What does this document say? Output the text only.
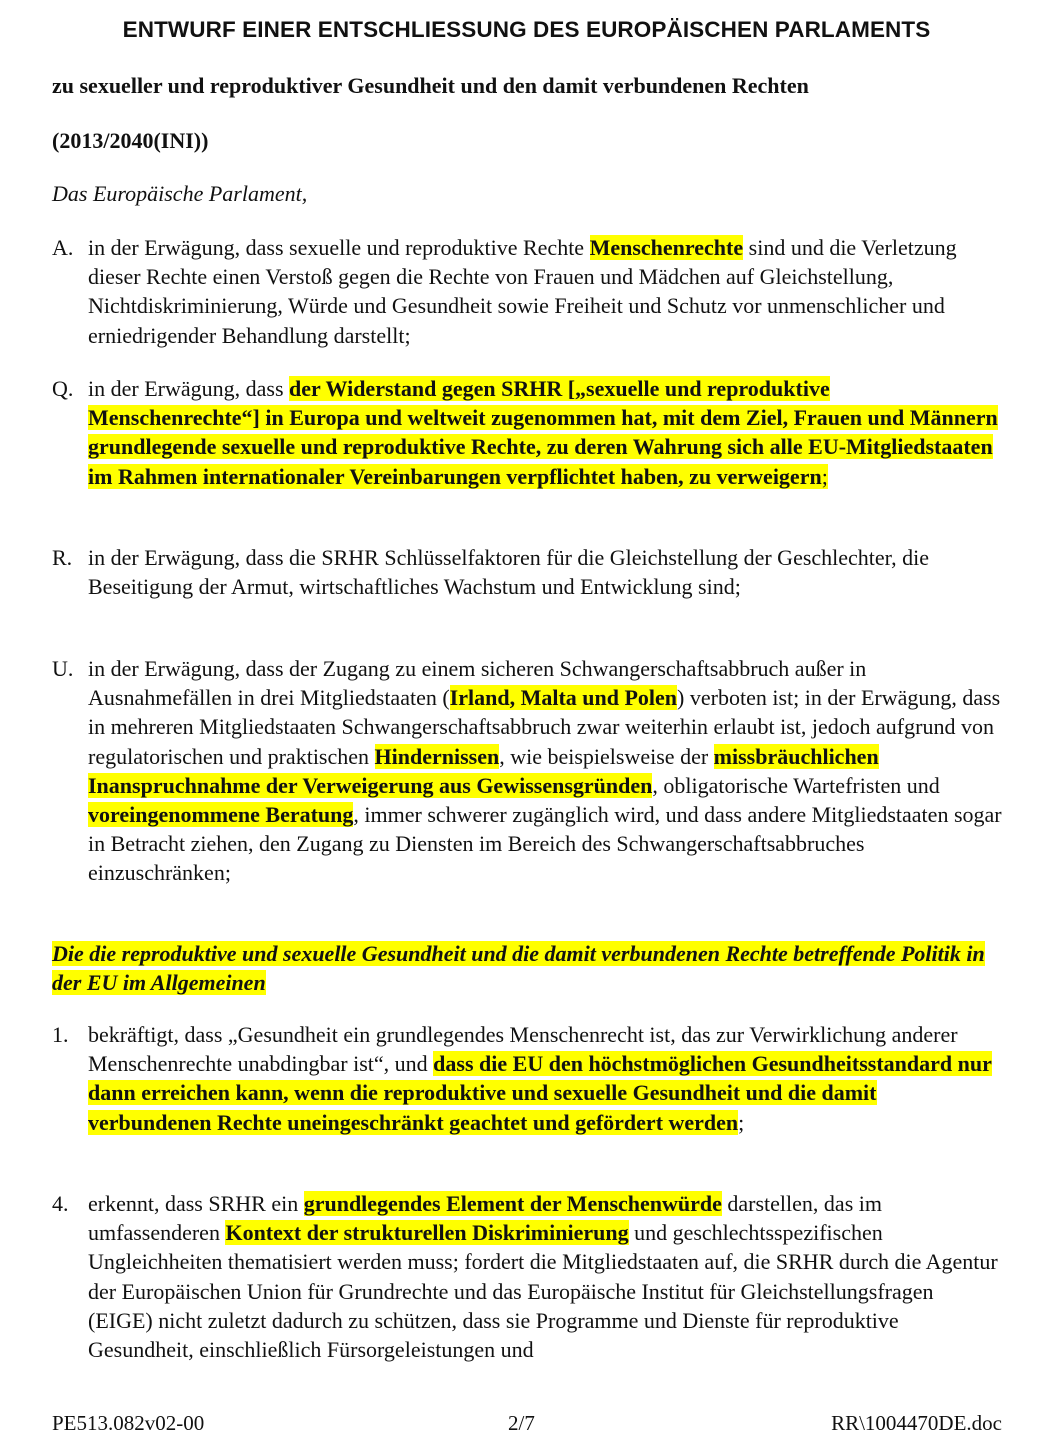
ENTWURF EINER ENTSCHLIESSUNG DES EUROPÄISCHEN PARLAMENTS

zu sexueller und reproduktiver Gesundheit und den damit verbundenen Rechten

(2013/2040(INI))

Das Europäische Parlament,

A. in der Erwägung, dass sexuelle und reproduktive Rechte Menschenrechte sind und die Verletzung dieser Rechte einen Verstoß gegen die Rechte von Frauen und Mädchen auf Gleichstellung, Nichtdiskriminierung, Würde und Gesundheit sowie Freiheit und Schutz vor unmenschlicher und erniedrigender Behandlung darstellt;
Q. in der Erwägung, dass der Widerstand gegen SRHR [„sexuelle und reproduktive Menschenrechte“] in Europa und weltweit zugenommen hat, mit dem Ziel, Frauen und Männern grundlegende sexuelle und reproduktive Rechte, zu deren Wahrung sich alle EU-Mitgliedstaaten im Rahmen internationaler Vereinbarungen verpflichtet haben, zu verweigern;
R. in der Erwägung, dass die SRHR Schlüsselfaktoren für die Gleichstellung der Geschlechter, die Beseitigung der Armut, wirtschaftliches Wachstum und Entwicklung sind;
U. in der Erwägung, dass der Zugang zu einem sicheren Schwangerschaftsabbruch außer in Ausnahmefällen in drei Mitgliedstaaten (Irland, Malta und Polen) verboten ist; in der Erwägung, dass in mehreren Mitgliedstaaten Schwangerschaftsabbruch zwar weiterhin erlaubt ist, jedoch aufgrund von regulatorischen und praktischen Hindernissen, wie beispielsweise der missbräuchlichen Inanspruchnahme der Verweigerung aus Gewissensgründen, obligatorische Wartefristen und voreingenommene Beratung, immer schwerer zugänglich wird, und dass andere Mitgliedstaaten sogar in Betracht ziehen, den Zugang zu Diensten im Bereich des Schwangerschaftsabbruches einzuschränken;

Die die reproduktive und sexuelle Gesundheit und die damit verbundenen Rechte betreffende Politik in der EU im Allgemeinen

1. bekräftigt, dass „Gesundheit ein grundlegendes Menschenrecht ist, das zur Verwirklichung anderer Menschenrechte unabdingbar ist“, und dass die EU den höchstmöglichen Gesundheitsstandard nur dann erreichen kann, wenn die reproduktive und sexuelle Gesundheit und die damit verbundenen Rechte uneingeschränkt geachtet und gefördert werden;
4. erkennt, dass SRHR ein grundlegendes Element der Menschenwürde darstellen, das im umfassenderen Kontext der strukturellen Diskriminierung und geschlechtsspezifischen Ungleichheiten thematisiert werden muss; fordert die Mitgliedstaaten auf, die SRHR durch die Agentur der Europäischen Union für Grundrechte und das Europäische Institut für Gleichstellungsfragen (EIGE) nicht zuletzt dadurch zu schützen, dass sie Programme und Dienste für reproduktive Gesundheit, einschließlich Fürsorgeleistungen und
PE513.082v02-00	2/7	RR\1004470DE.doc
